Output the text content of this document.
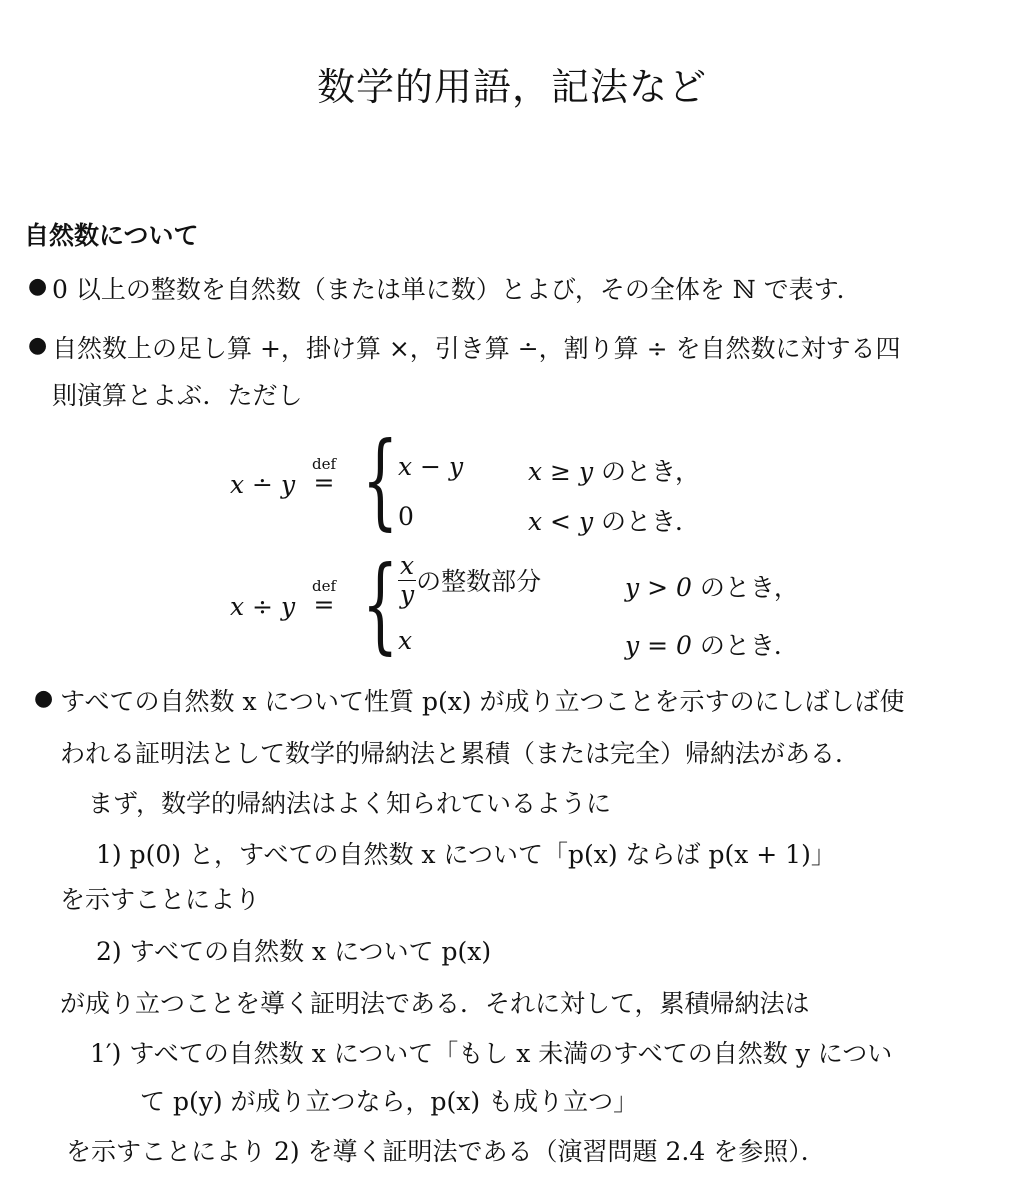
数学的用語，記法など
自然数について
● 0 以上の整数を自然数（または単に数）とよび，その全体を ℕ で表す．
● 自然数上の足し算 +，掛け算 ×，引き算 ∸，割り算 ÷ を自然数に対する四
則演算とよぶ．ただし
x ∸ y
def
= { x − y	x ≥ y のとき，
0	x < y のとき．
x ÷ y
def
= { $\frac{x}{y}$ の整数部分	y > 0 のとき，
x	y = 0 のとき．
● すべての自然数 x について性質 p(x) が成り立つことを示すのにしばしば使
われる証明法として数学的帰納法と累積（または完全）帰納法がある．
まず，数学的帰納法はよく知られているように
1) p(0) と，すべての自然数 x について「p(x) ならば p(x + 1)」
を示すことにより
2) すべての自然数 x について p(x)
が成り立つことを導く証明法である．それに対して，累積帰納法は
1′) すべての自然数 x について「もし x 未満のすべての自然数 y につい
て p(y) が成り立つなら，p(x) も成り立つ」
を示すことにより 2) を導く証明法である（演習問題 2.4 を参照）．
